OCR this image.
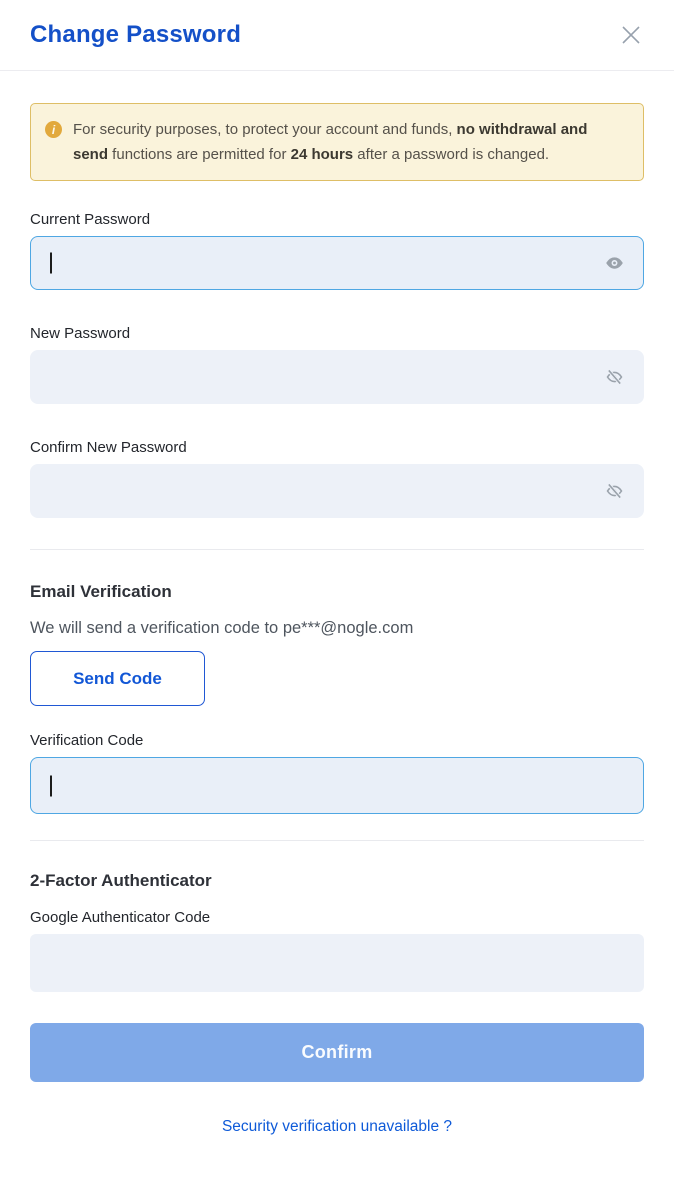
Change Password
i	For security purposes, to protect your account and funds, no withdrawal and send functions are permitted for 24 hours after a password is changed.

Current Password
New Password
Confirm New Password
Email Verification

We will send a verification code to pe***@nogle.com

Send Code
Verification Code
2-Factor Authenticator
Google Authenticator Code
Confirm
Security verification unavailable ?
